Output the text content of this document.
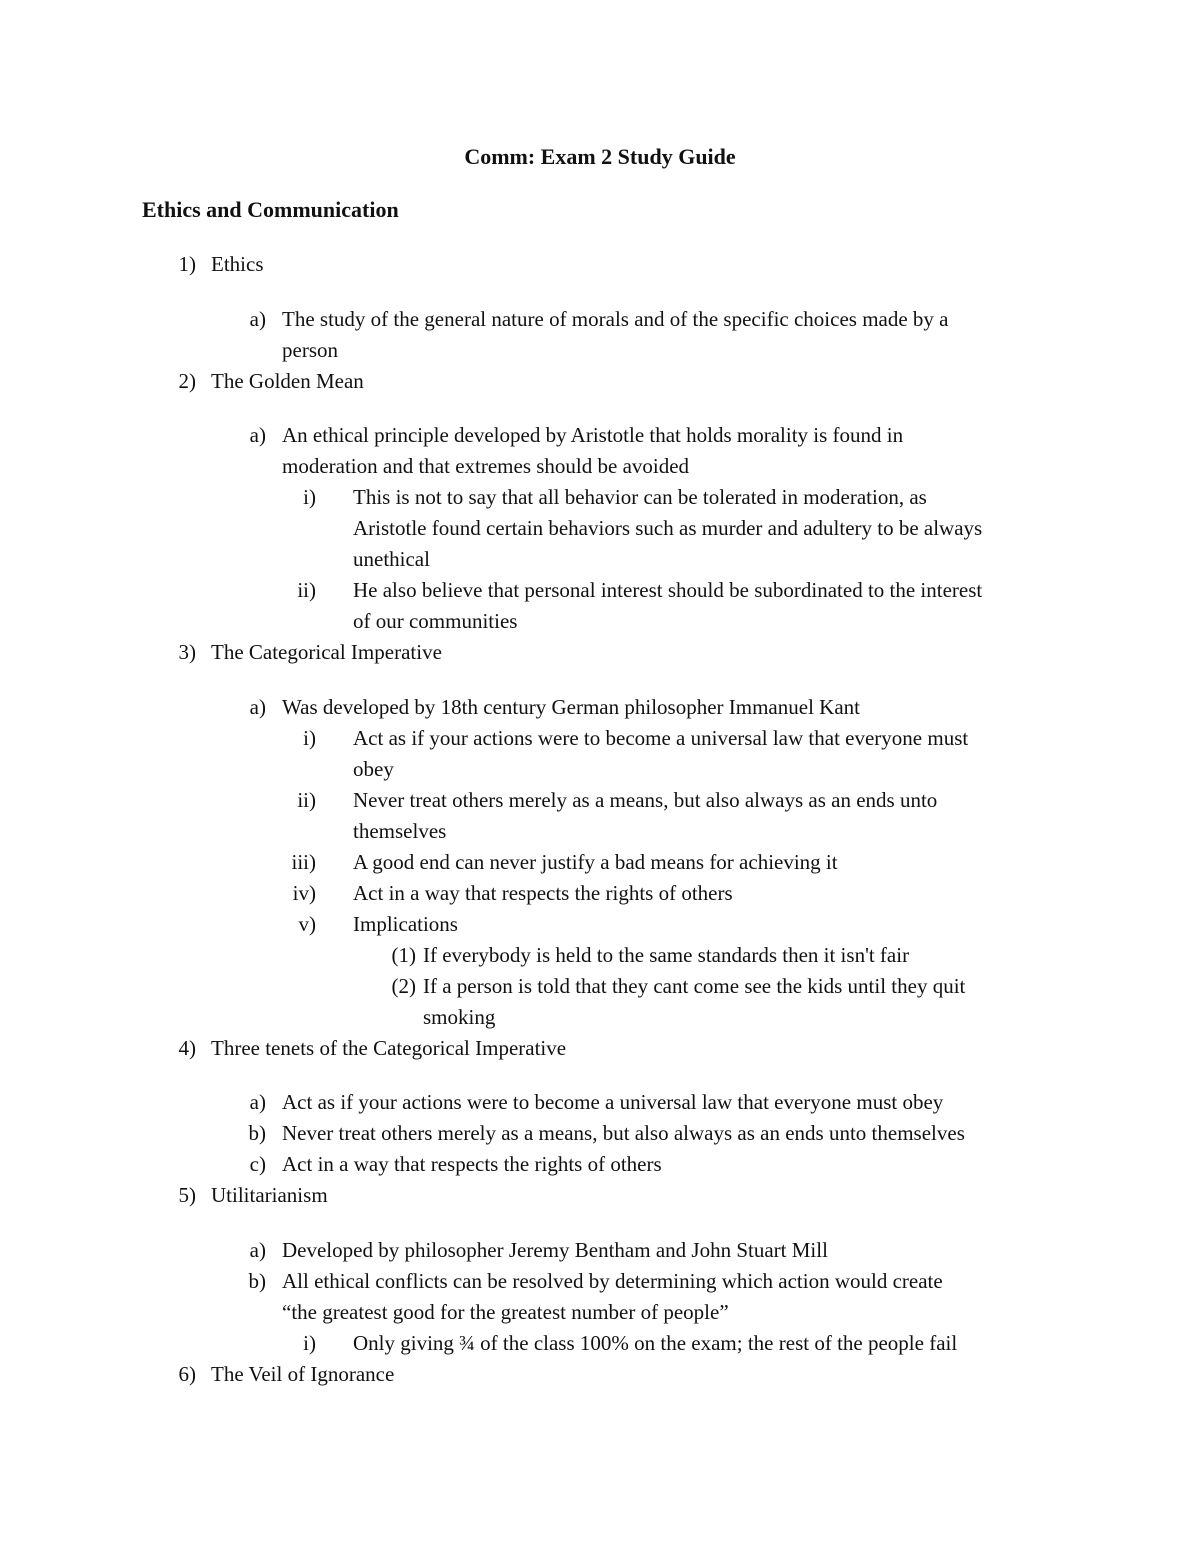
Comm: Exam 2 Study Guide
Ethics and Communication
1) Ethics
a) The study of the general nature of morals and of the specific choices made by a
person
2) The Golden Mean
a) An ethical principle developed by Aristotle that holds morality is found in
moderation and that extremes should be avoided
i) This is not to say that all behavior can be tolerated in moderation, as
Aristotle found certain behaviors such as murder and adultery to be always
unethical
ii) He also believe that personal interest should be subordinated to the interest
of our communities
3) The Categorical Imperative
a) Was developed by 18th century German philosopher Immanuel Kant
i) Act as if your actions were to become a universal law that everyone must
obey
ii) Never treat others merely as a means, but also always as an ends unto
themselves
iii) A good end can never justify a bad means for achieving it
iv) Act in a way that respects the rights of others
v) Implications
(1) If everybody is held to the same standards then it isn't fair
(2) If a person is told that they cant come see the kids until they quit
smoking
4) Three tenets of the Categorical Imperative
a) Act as if your actions were to become a universal law that everyone must obey
b) Never treat others merely as a means, but also always as an ends unto themselves
c) Act in a way that respects the rights of others
5) Utilitarianism
a) Developed by philosopher Jeremy Bentham and John Stuart Mill
b) All ethical conflicts can be resolved by determining which action would create
“the greatest good for the greatest number of people”
i) Only giving ¾ of the class 100% on the exam; the rest of the people fail
6) The Veil of Ignorance
